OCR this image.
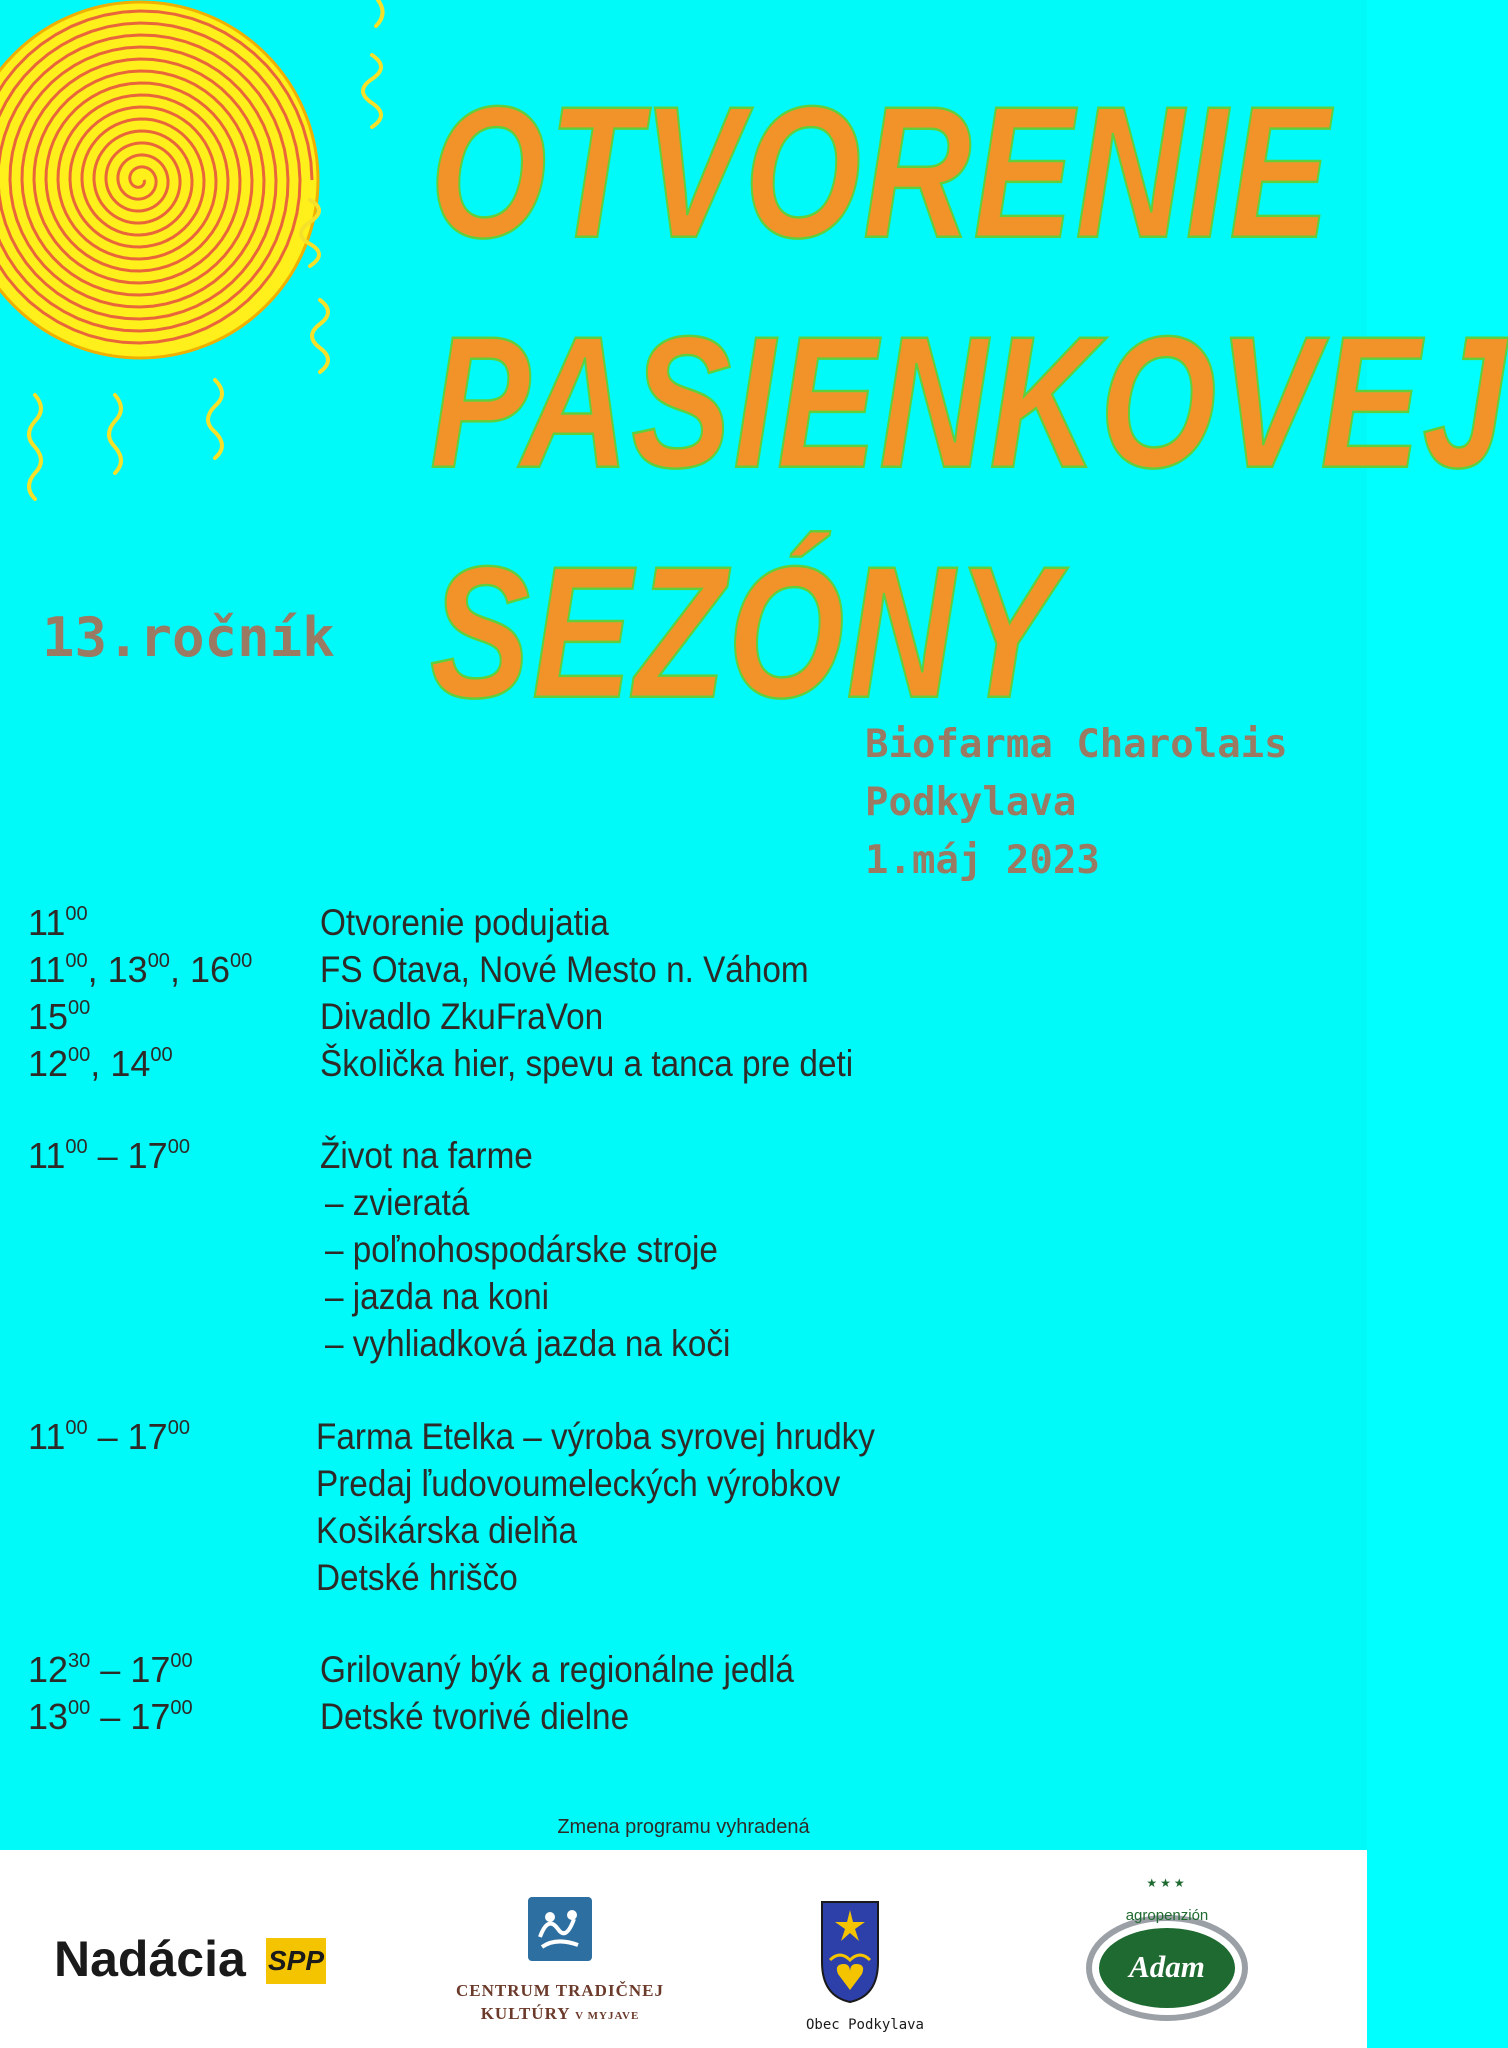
OTVORENIE
PASIENKOVEJ
SEZÓNY
13.ročník
Biofarma Charolais
Podkylava
1.máj 2023
$11^{00}$	Otvorenie podujatia
$11^{00}$, $13^{00}$, $16^{00}$ FS Otava, Nové Mesto n. Váhom
$15^{00}$	Divadlo ZkuFraVon
$12^{00}$, $14^{00}$	Školička hier, spevu a tanca pre deti
$11^{00} - 17^{00}$	Život na farme
– zvieratá
– poľnohospodárske stroje
– jazda na koni
– vyhliadková jazda na koči
$11^{00} - 17^{00}$	Farma Etelka – výroba syrovej hrudky
Predaj ľudovoumeleckých výrobkov
Košikárska dielňa
Detské hriščo
$12^{30} - 17^{00}$	Grilovaný býk a regionálne jedlá
$13^{00} - 17^{00}$	Detské tvorivé dielne
Zmena programu vyhradená
Nadácia SPP
CENTRUM TRADIČNEJ
KULTÚRY V MYJAVE
Obec Podkylava
★★★
agropenzión
Adam
